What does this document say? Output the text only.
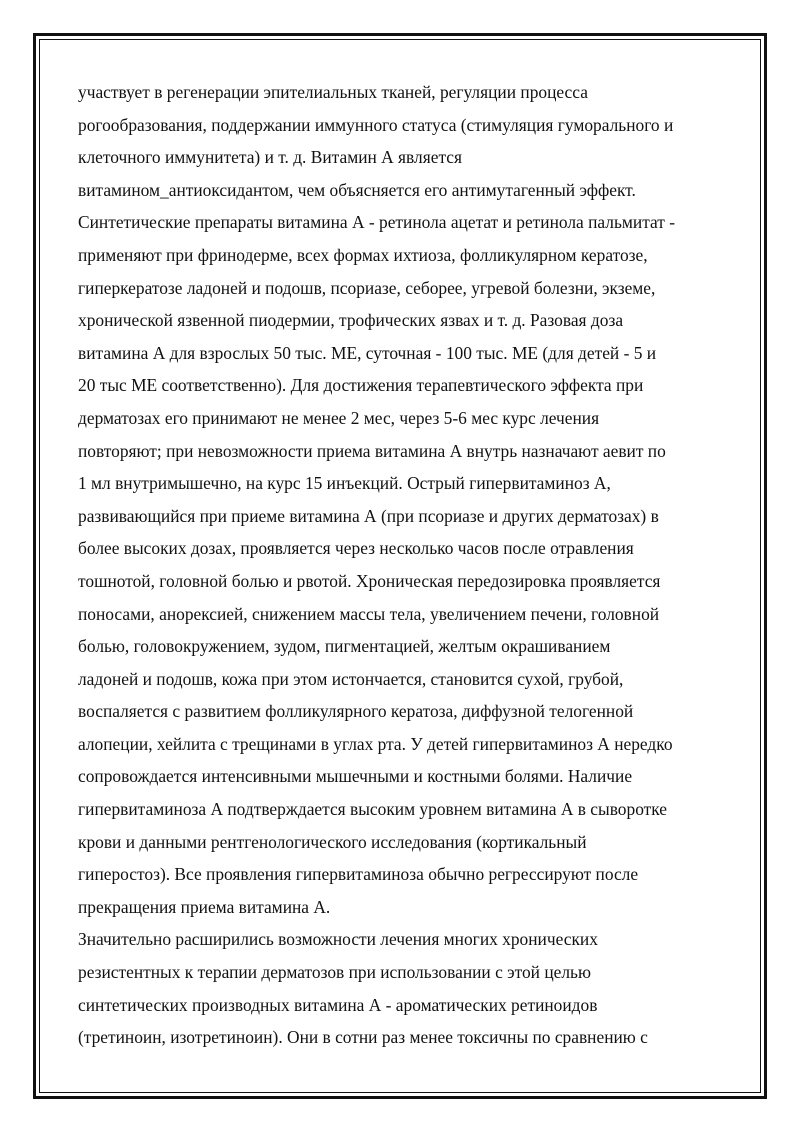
участвует в регенерации эпителиальных тканей, регуляции процесса
рогообразования, поддержании иммунного статуса (стимуляция гуморального и
клеточного иммунитета) и т. д. Витамин А является
витамином_антиоксидантом, чем объясняется его антимутагенный эффект.
Синтетические препараты витамина А - ретинола ацетат и ретинола пальмитат -
применяют при фринодерме, всех формах ихтиоза, фолликулярном кератозе,
гиперкератозе ладоней и подошв, псориазе, себорее, угревой болезни, экземе,
хронической язвенной пиодермии, трофических язвах и т. д. Разовая доза
витамина А для взрослых 50 тыс. МЕ, суточная - 100 тыс. МЕ (для детей - 5 и
20 тыс МЕ соответственно). Для достижения терапевтического эффекта при
дерматозах его принимают не менее 2 мес, через 5-6 мес курс лечения
повторяют; при невозможности приема витамина А внутрь назначают аевит по
1 мл внутримышечно, на курс 15 инъекций. Острый гипервитаминоз А,
развивающийся при приеме витамина А (при псориазе и других дерматозах) в
более высоких дозах, проявляется через несколько часов после отравления
тошнотой, головной болью и рвотой. Хроническая передозировка проявляется
поносами, анорексией, снижением массы тела, увеличением печени, головной
болью, головокружением, зудом, пигментацией, желтым окрашиванием
ладоней и подошв, кожа при этом истончается, становится сухой, грубой,
воспаляется с развитием фолликулярного кератоза, диффузной телогенной
алопеции, хейлита с трещинами в углах рта. У детей гипервитаминоз А нередко
сопровождается интенсивными мышечными и костными болями. Наличие
гипервитаминоза А подтверждается высоким уровнем витамина А в сыворотке
крови и данными рентгенологического исследования (кортикальный
гиперостоз). Все проявления гипервитаминоза обычно регрессируют после
прекращения приема витамина А.
Значительно расширились возможности лечения многих хронических
резистентных к терапии дерматозов при использовании с этой целью
синтетических производных витамина А - ароматических ретиноидов
(третиноин, изотретиноин). Они в сотни раз менее токсичны по сравнению с
